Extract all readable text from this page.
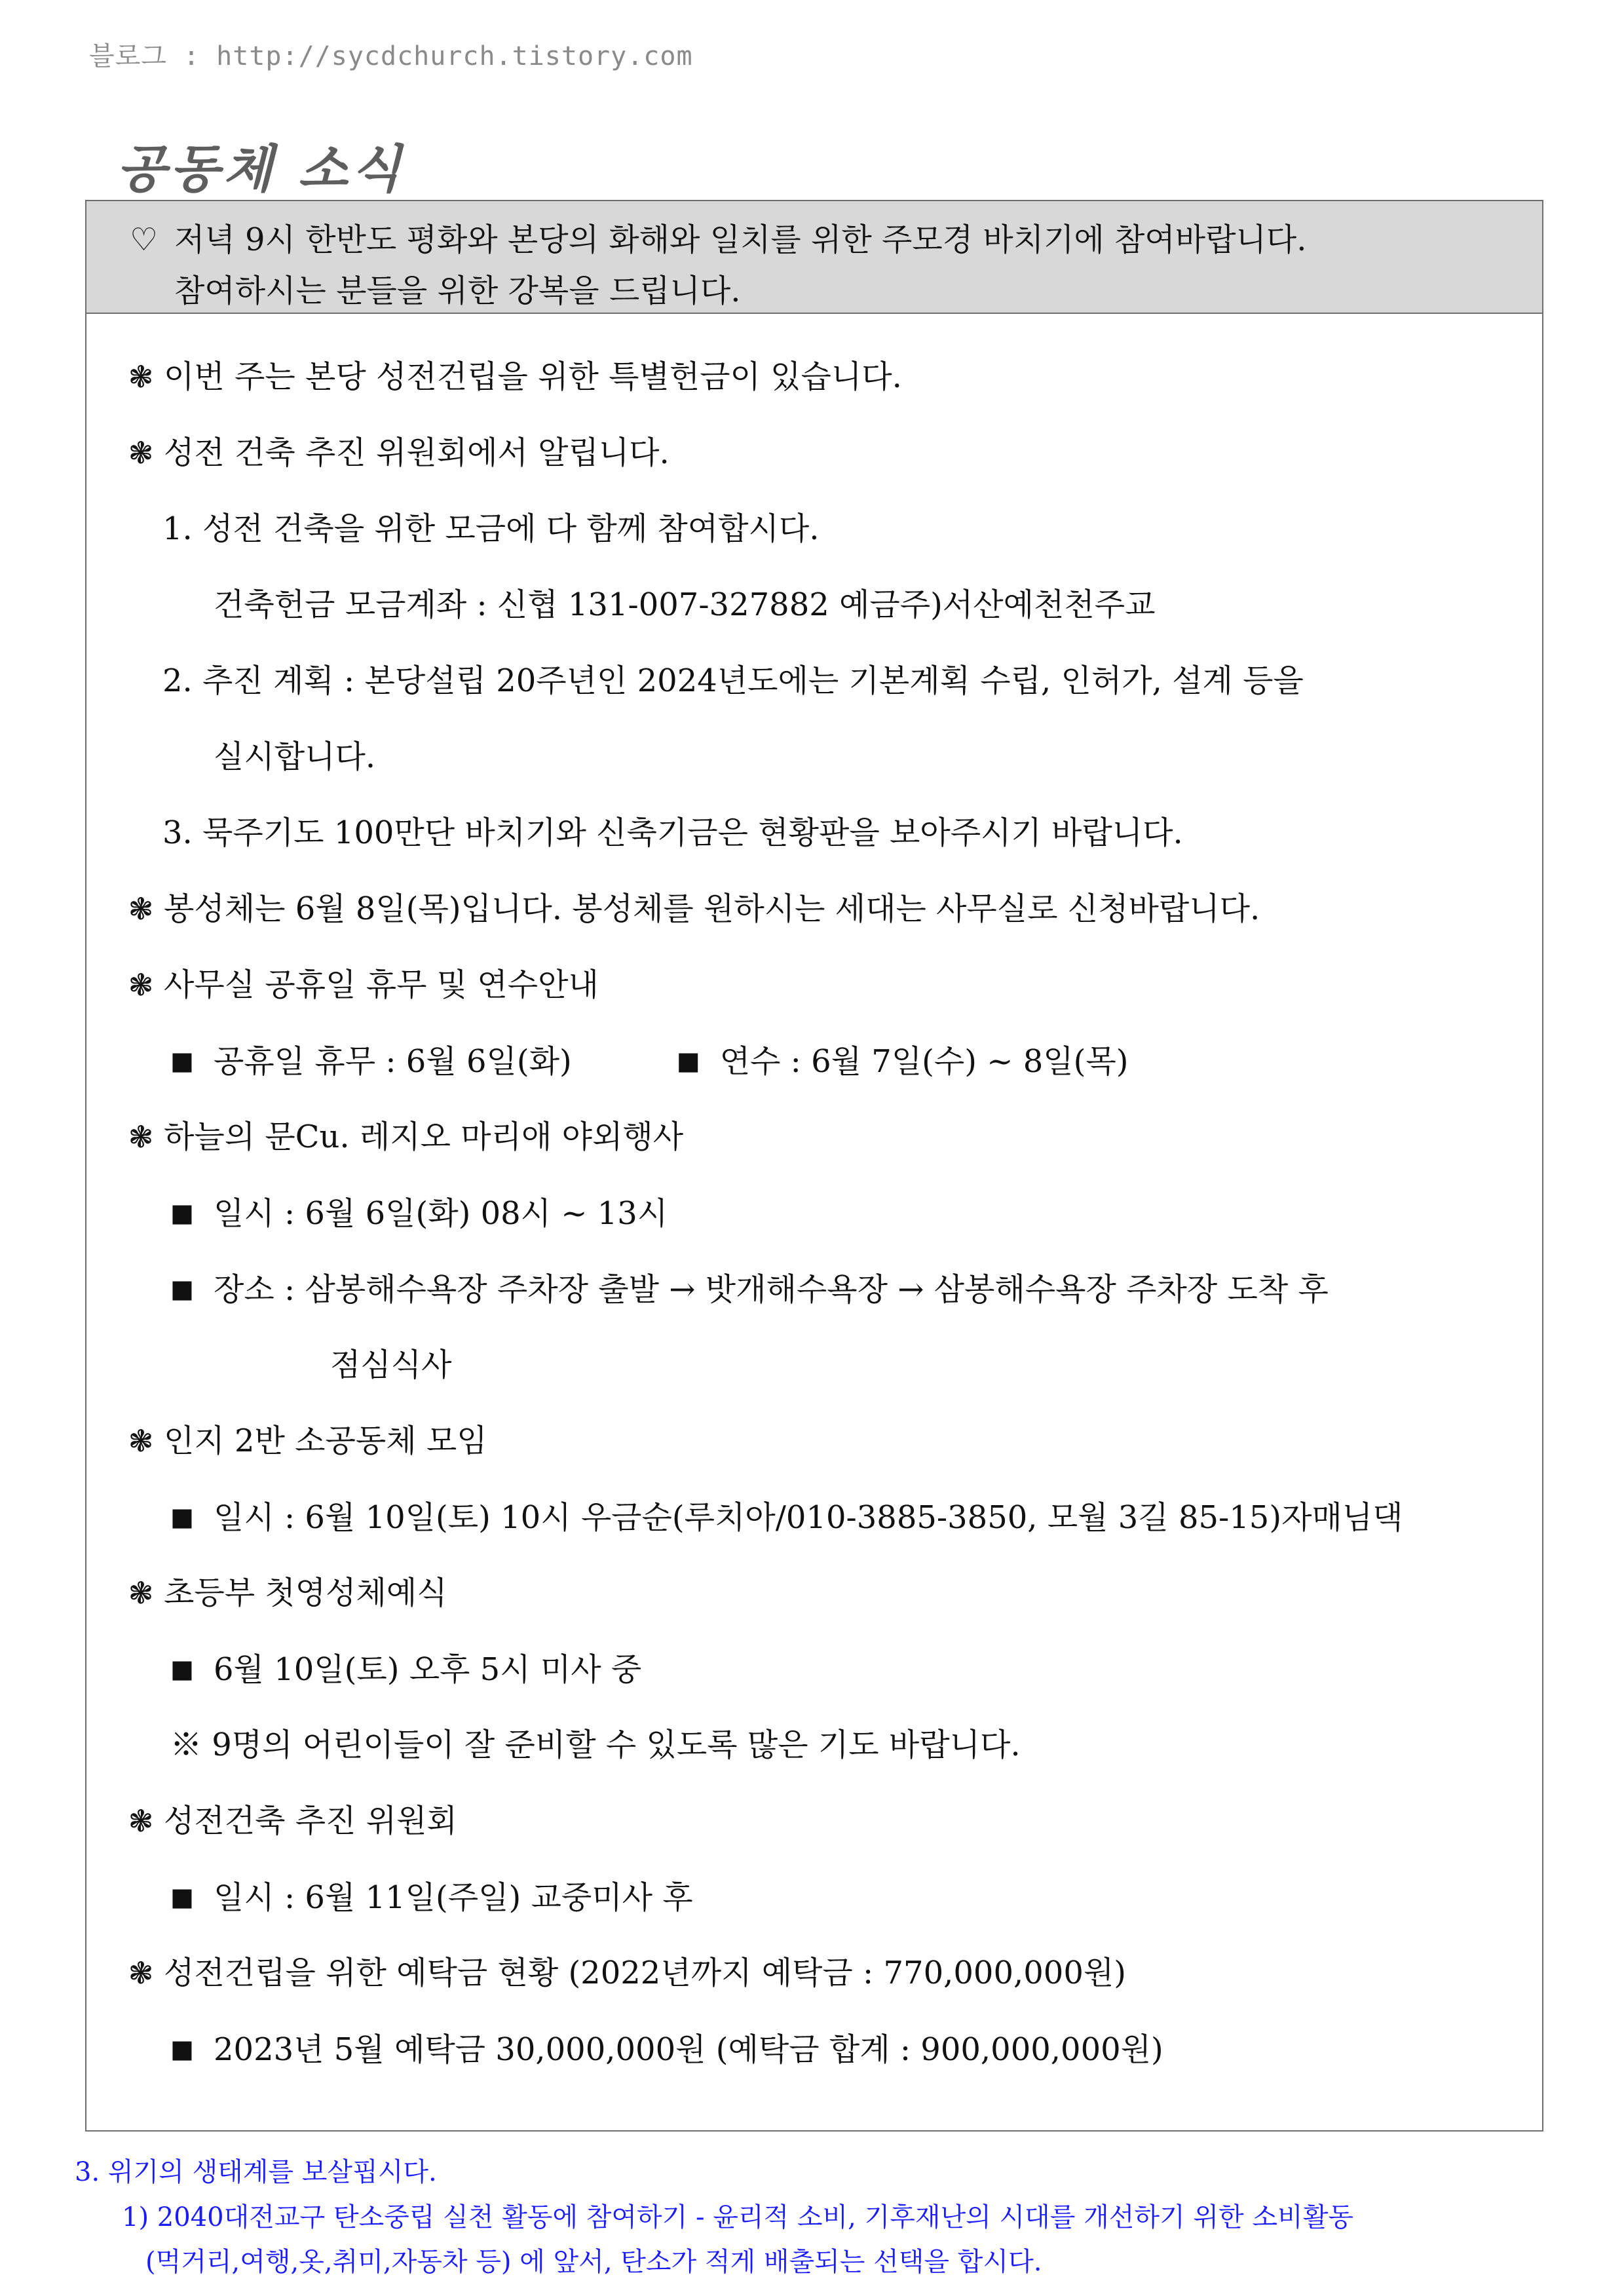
블로그 : http://sycdchurch.tistory.com
공동체 소식
♡ 저녁 9시 한반도 평화와 본당의 화해와 일치를 위한 주모경 바치기에 참여바랍니다.
참여하시는 분들을 위한 강복을 드립니다.
❃ 이번 주는 본당 성전건립을 위한 특별헌금이 있습니다.
❃ 성전 건축 추진 위원회에서 알립니다.
1. 성전 건축을 위한 모금에 다 함께 참여합시다.
건축헌금 모금계좌 : 신협 131-007-327882 예금주)서산예천천주교
2. 추진 계획 : 본당설립 20주년인 2024년도에는 기본계획 수립, 인허가, 설계 등을
실시합니다.
3. 묵주기도 100만단 바치기와 신축기금은 현황판을 보아주시기 바랍니다.
❃ 봉성체는 6월 8일(목)입니다. 봉성체를 원하시는 세대는 사무실로 신청바랍니다.
❃ 사무실 공휴일 휴무 및 연수안내
■ 공휴일 휴무 : 6월 6일(화)	■ 연수 : 6월 7일(수) ~ 8일(목)
❃ 하늘의 문Cu. 레지오 마리애 야외행사
■ 일시 : 6월 6일(화) 08시 ~ 13시
■ 장소 : 삼봉해수욕장 주차장 출발 → 밧개해수욕장 → 삼봉해수욕장 주차장 도착 후
점심식사
❃ 인지 2반 소공동체 모임
■ 일시 : 6월 10일(토) 10시 우금순(루치아/010-3885-3850, 모월 3길 85-15)자매님댁
❃ 초등부 첫영성체예식
■ 6월 10일(토) 오후 5시 미사 중
※ 9명의 어린이들이 잘 준비할 수 있도록 많은 기도 바랍니다.
❃ 성전건축 추진 위원회
■ 일시 : 6월 11일(주일) 교중미사 후
❃ 성전건립을 위한 예탁금 현황 (2022년까지 예탁금 : 770,000,000원)
■ 2023년 5월 예탁금 30,000,000원 (예탁금 합계 : 900,000,000원)
3. 위기의 생태계를 보살핍시다.
1) 2040대전교구 탄소중립 실천 활동에 참여하기 - 윤리적 소비, 기후재난의 시대를 개선하기 위한 소비활동
(먹거리,여행,옷,취미,자동차 등) 에 앞서, 탄소가 적게 배출되는 선택을 합시다.
